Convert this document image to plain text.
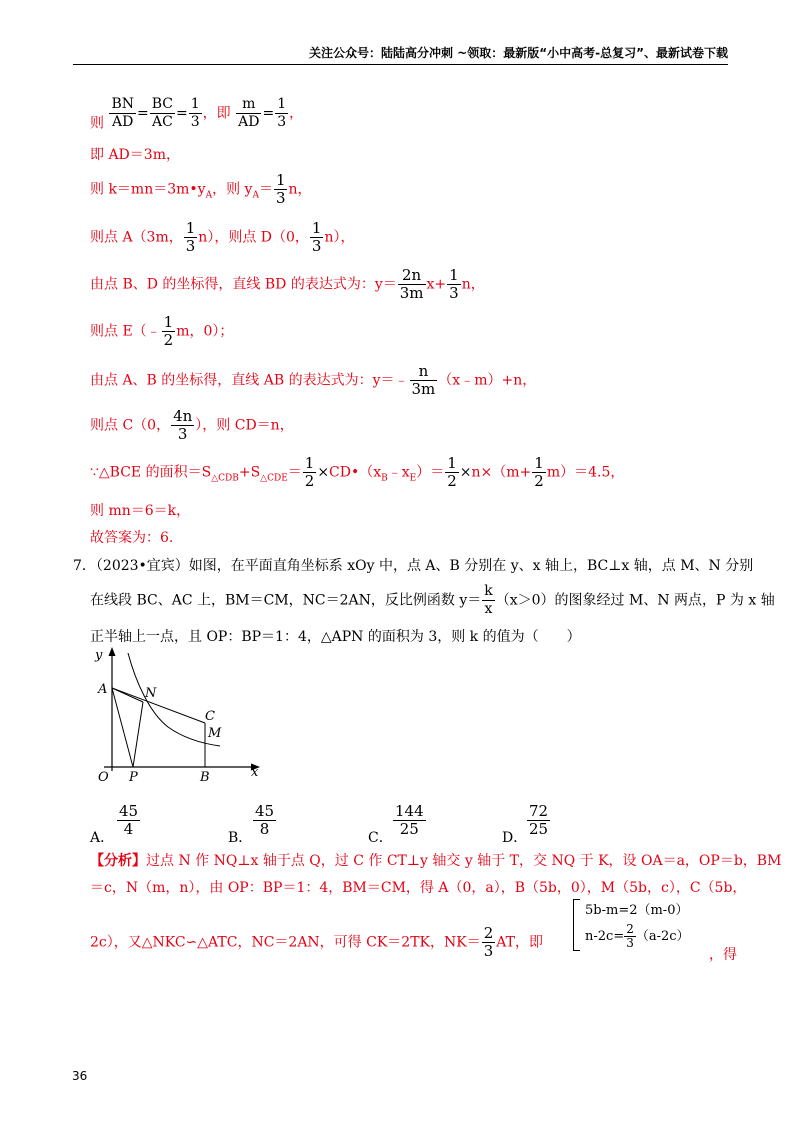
关注公众号：陆陆高分冲刺 ~领取：最新版“小中高考-总复习”、最新试卷下载
则 $\frac{BN}{AD} = \frac{BC}{AC} = \frac{1}{3}$ ，即 $\frac{m}{AD} = \frac{1}{3}$ ，
即 AD＝3m，
则 $k=mn=3m•y_A$，则 $y_A= \frac{1}{3}$ n，
则点 A（3m， $\frac{1}{3} n$），则点 D（0， $\frac{1}{3} n$），
由点 B、D 的坐标得，直线 BD 的表达式为：$y= \frac{2n}{3m} x+ \frac{1}{3}$ n，
则点 E（﹣ $\frac{1}{2}$ m，0）；
由点 A、B 的坐标得，直线 AB 的表达式为：y＝﹣ $\frac{n}{3m}$ （x﹣m）+n，
则点 C（0， $\frac{4n}{3}$ ），则 CD＝n，
∵△BCE 的面积$=S_{\triangle CDB}+S_{\triangle CDE}= \frac{1}{2}$ $\times CD•(x_B﹣x_E)= \frac{1}{2} \times n\times(m+ \frac{1}{2} m)=4.5$，
则 mn＝6＝k，
故答案为：6.
7．（2023•宜宾）如图，在平面直角坐标系 xOy 中，点 A、B 分别在 y、x 轴上，BC⊥x 轴，点 M、N 分别
在线段 BC、AC 上，BM＝CM，NC＝2AN，反比例函数 $y= \frac{k}{x} (x>0)$的图象经过 M、N 两点，P 为 x 轴
正半轴上一点，且 OP：BP＝1：4，△APN 的面积为 3，则 k 的值为（　　）
y
A	N
C
M
O P	B	x
A． $\frac{45}{4}$	B． $\frac{45}{8}$	C． $\frac{144}{25}$	D． $\frac{72}{25}$
【分析】过点 N 作 NQ⊥x 轴于点 Q，过 C 作 CT⊥y 轴交 y 轴于 T，交 NQ 于 K，设 OA＝a，OP＝b，BM
＝c，N（m，n），由 OP：BP＝1：4，BM＝CM，得 A（0，a），B（5b，0），M（5b，c），C（5b，
2c），又△NKC∽△ATC，NC＝2AN，可得 CK＝2TK，$NK= \frac{2}{3}$ AT，即
5b-m=2（m-0）
$n-2c= \frac{2}{3} (a-2c)$
，得
36
